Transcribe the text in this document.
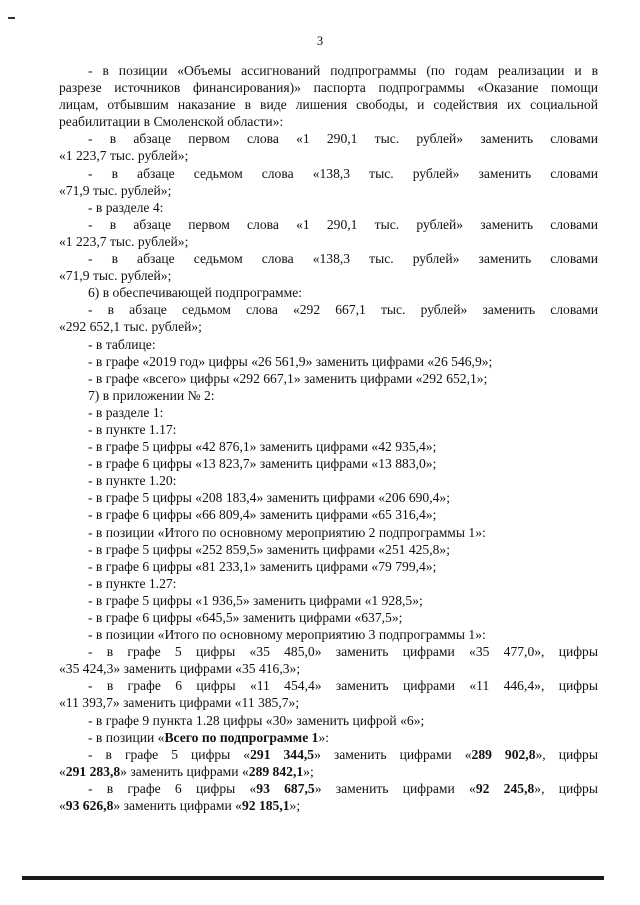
3

- в позиции «Объемы ассигнований подпрограммы (по годам реализации и в

разрезе источников финансирования)» паспорта подпрограммы «Оказание помощи

лицам, отбывшим наказание в виде лишения свободы, и содействия их социальной

реабилитации в Смоленской области»:

- в абзаце первом слова «1 290,1 тыс. рублей» заменить словами

«1 223,7 тыс. рублей»;

- в абзаце седьмом слова «138,3 тыс. рублей» заменить словами

«71,9 тыс. рублей»;

- в разделе 4:

- в абзаце первом слова «1 290,1 тыс. рублей» заменить словами

«1 223,7 тыс. рублей»;

- в абзаце седьмом слова «138,3 тыс. рублей» заменить словами

«71,9 тыс. рублей»;

6) в обеспечивающей подпрограмме:

- в абзаце седьмом слова «292 667,1 тыс. рублей» заменить словами

«292 652,1 тыс. рублей»;

- в таблице:

- в графе «2019 год» цифры «26 561,9» заменить цифрами «26 546,9»;

- в графе «всего» цифры «292 667,1» заменить цифрами «292 652,1»;

7) в приложении № 2:

- в разделе 1:

- в пункте 1.17:

- в графе 5 цифры «42 876,1» заменить цифрами «42 935,4»;

- в графе 6 цифры «13 823,7» заменить цифрами «13 883,0»;

- в пункте 1.20:

- в графе 5 цифры «208 183,4» заменить цифрами «206 690,4»;

- в графе 6 цифры «66 809,4» заменить цифрами «65 316,4»;

- в позиции «Итого по основному мероприятию 2 подпрограммы 1»:

- в графе 5 цифры «252 859,5» заменить цифрами «251 425,8»;

- в графе 6 цифры «81 233,1» заменить цифрами «79 799,4»;

- в пункте 1.27:

- в графе 5 цифры «1 936,5» заменить цифрами «1 928,5»;

- в графе 6 цифры «645,5» заменить цифрами «637,5»;

- в позиции «Итого по основному мероприятию 3 подпрограммы 1»:

- в графе 5 цифры «35 485,0» заменить цифрами «35 477,0», цифры

«35 424,3» заменить цифрами «35 416,3»;

- в графе 6 цифры «11 454,4» заменить цифрами «11 446,4», цифры

«11 393,7» заменить цифрами «11 385,7»;

- в графе 9 пункта 1.28 цифры «30» заменить цифрой «6»;

- в позиции «Всего по подпрограмме 1»:

- в графе 5 цифры «291 344,5» заменить цифрами «289 902,8», цифры

«291 283,8» заменить цифрами «289 842,1»;

- в графе 6 цифры «93 687,5» заменить цифрами «92 245,8», цифры

«93 626,8» заменить цифрами «92 185,1»;
